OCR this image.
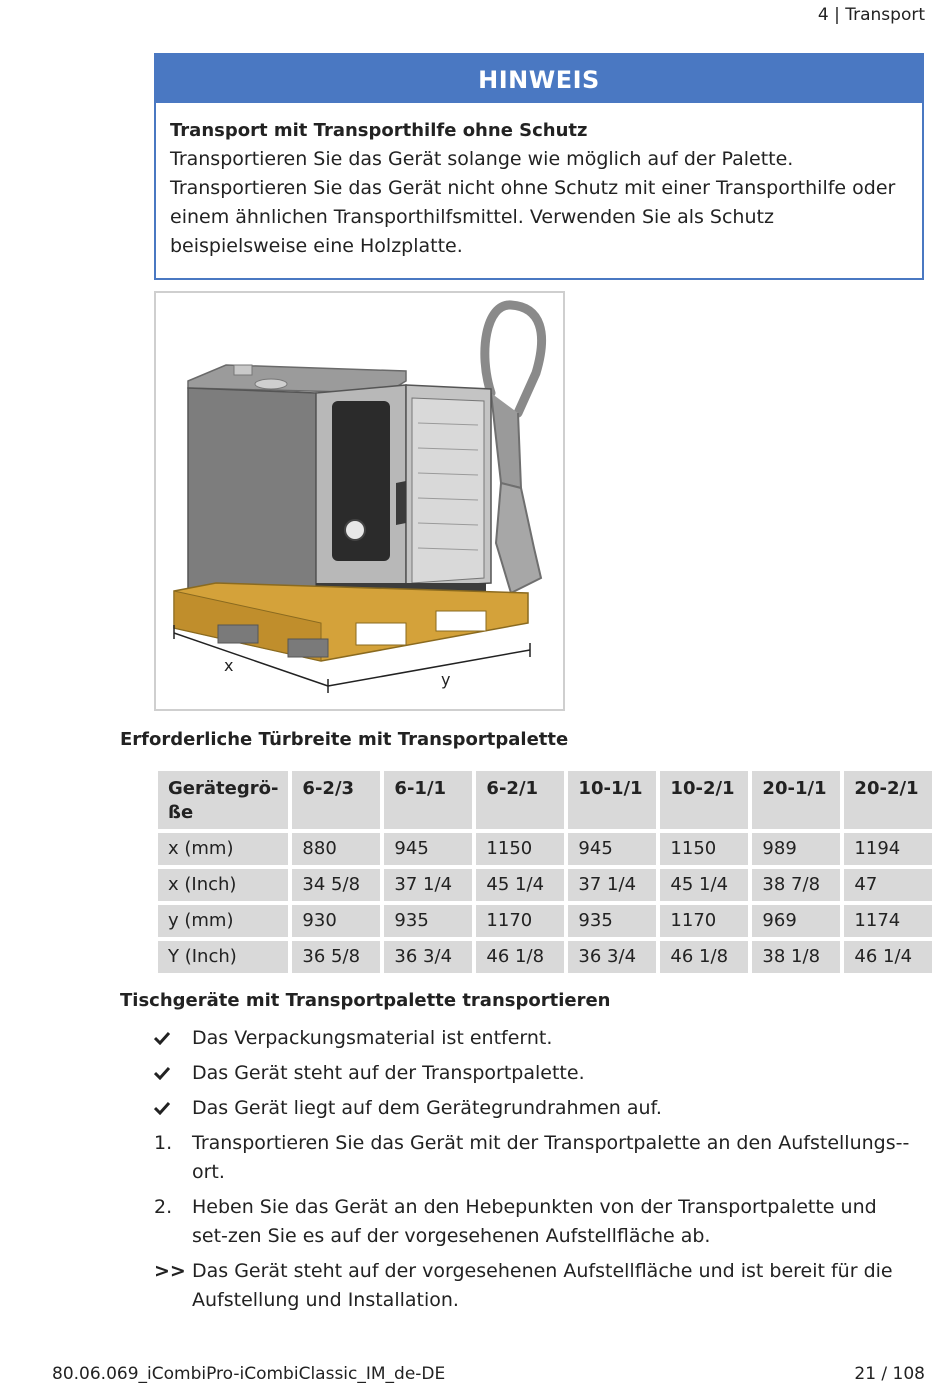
4 | Transport
HINWEIS
Transport mit Transporthilfe ohne Schutz
Transportieren Sie das Gerät solange wie möglich auf der Palette.
Transportieren Sie das Gerät nicht ohne Schutz mit einer Transporthilfe oder
einem ähnlichen Transporthilfsmittel. Verwenden Sie als Schutz
beispielsweise eine Holzplatte.
x
y
Erforderliche Türbreite mit Transportpalette
Gerätegrö-
ße	6-2/3	6-1/1	6-2/1	10-1/1	10-2/1	20-1/1	20-2/1
x (mm)	880	945	1150	945	1150	989	1194
x (Inch)	34 5/8	37 1/4	45 1/4	37 1/4	45 1/4	38 7/8	47
y (mm)	930	935	1170	935	1170	969	1174
Y (Inch)	36 5/8	36 3/4	46 1/8	36 3/4	46 1/8	38 1/8	46 1/4
Tischgeräte mit Transportpalette transportieren
Das Verpackungsmaterial ist entfernt.
Das Gerät steht auf der Transportpalette.
Das Gerät liegt auf dem Gerätegrundrahmen auf.
1.	Transportieren Sie das Gerät mit der Transportpalette an den Aufstellungs-ort.
2.	Heben Sie das Gerät an den Hebepunkten von der Transportpalette und set-zen Sie es auf der vorgesehenen Aufstellfläche ab.
>> Das Gerät steht auf der vorgesehenen Aufstellfläche und ist bereit für die Aufstellung und Installation.
80.06.069_iCombiPro-iCombiClassic_IM_de-DE	21 / 108
